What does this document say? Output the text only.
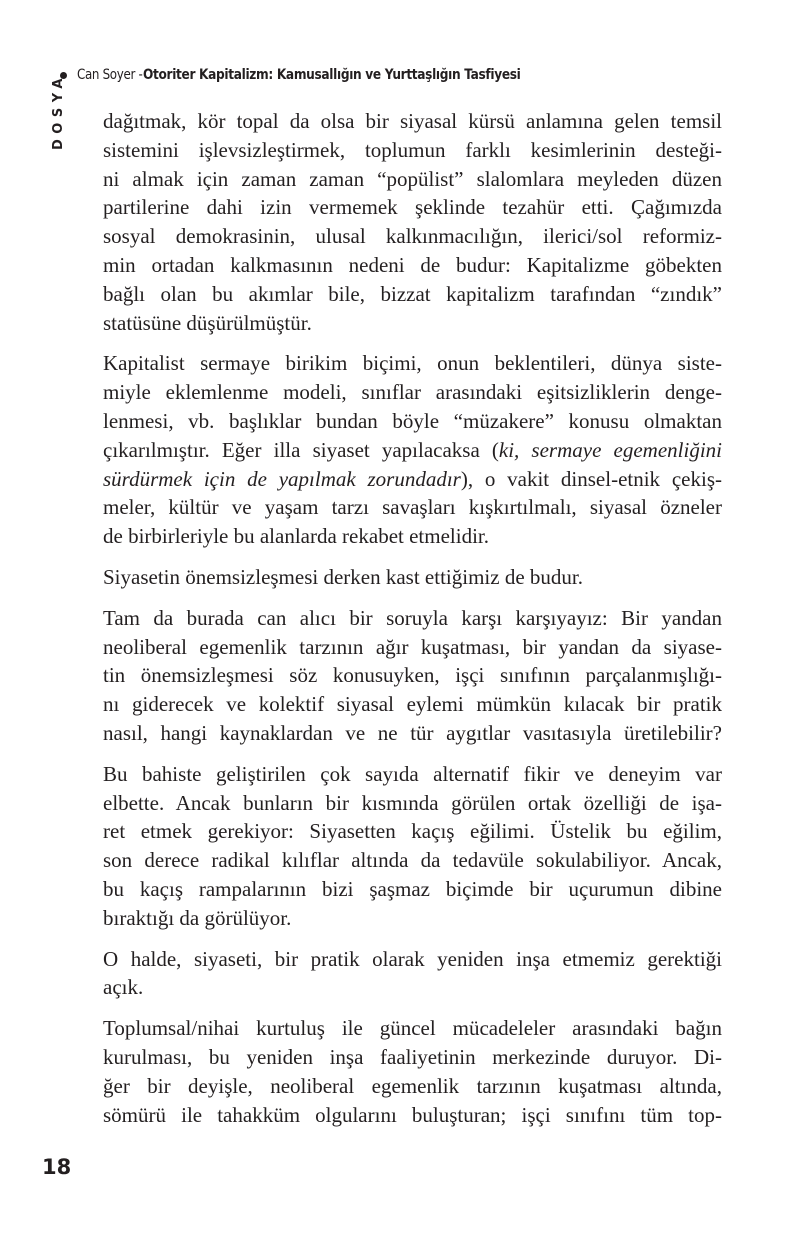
Can Soyer - Otoriter Kapitalizm: Kamusallığın ve Yurttaşlığın Tasfiyesi
DOSYA dağıtmak, kör topal da olsa bir siyasal kürsü anlamına gelen temsil
sistemini işlevsizleştirmek, toplumun farklı kesimlerinin desteği-
ni almak için zaman zaman “popülist” slalomlara meyleden düzen
partilerine dahi izin vermemek şeklinde tezahür etti. Çağımızda
sosyal demokrasinin, ulusal kalkınmacılığın, ilerici/sol reformiz-
min ortadan kalkmasının nedeni de budur: Kapitalizme göbekten
bağlı olan bu akımlar bile, bizzat kapitalizm tarafından “zındık”
statüsüne düşürülmüştür.
Kapitalist sermaye birikim biçimi, onun beklentileri, dünya siste-
miyle eklemlenme modeli, sınıflar arasındaki eşitsizliklerin denge-
lenmesi, vb. başlıklar bundan böyle “müzakere” konusu olmaktan
çıkarılmıştır. Eğer illa siyaset yapılacaksa (ki, sermaye egemenliğini
sürdürmek için de yapılmak zorundadır), o vakit dinsel-etnik çekiş-
meler, kültür ve yaşam tarzı savaşları kışkırtılmalı, siyasal özneler
de birbirleriyle bu alanlarda rekabet etmelidir.
Siyasetin önemsizleşmesi derken kast ettiğimiz de budur.
Tam da burada can alıcı bir soruyla karşı karşıyayız: Bir yandan
neoliberal egemenlik tarzının ağır kuşatması, bir yandan da siyase-
tin önemsizleşmesi söz konusuyken, işçi sınıfının parçalanmışlığı-
nı giderecek ve kolektif siyasal eylemi mümkün kılacak bir pratik
nasıl, hangi kaynaklardan ve ne tür aygıtlar vasıtasıyla üretilebilir?
Bu bahiste geliştirilen çok sayıda alternatif fikir ve deneyim var
elbette. Ancak bunların bir kısmında görülen ortak özelliği de işa-
ret etmek gerekiyor: Siyasetten kaçış eğilimi. Üstelik bu eğilim,
son derece radikal kılıflar altında da tedavüle sokulabiliyor. Ancak,
bu kaçış rampalarının bizi şaşmaz biçimde bir uçurumun dibine
bıraktığı da görülüyor.
O halde, siyaseti, bir pratik olarak yeniden inşa etmemiz gerektiği
açık.
Toplumsal/nihai kurtuluş ile güncel mücadeleler arasındaki bağın
kurulması, bu yeniden inşa faaliyetinin merkezinde duruyor. Di-
ğer bir deyişle, neoliberal egemenlik tarzının kuşatması altında,
sömürü ile tahakküm olgularını buluşturan; işçi sınıfını tüm top-
18
